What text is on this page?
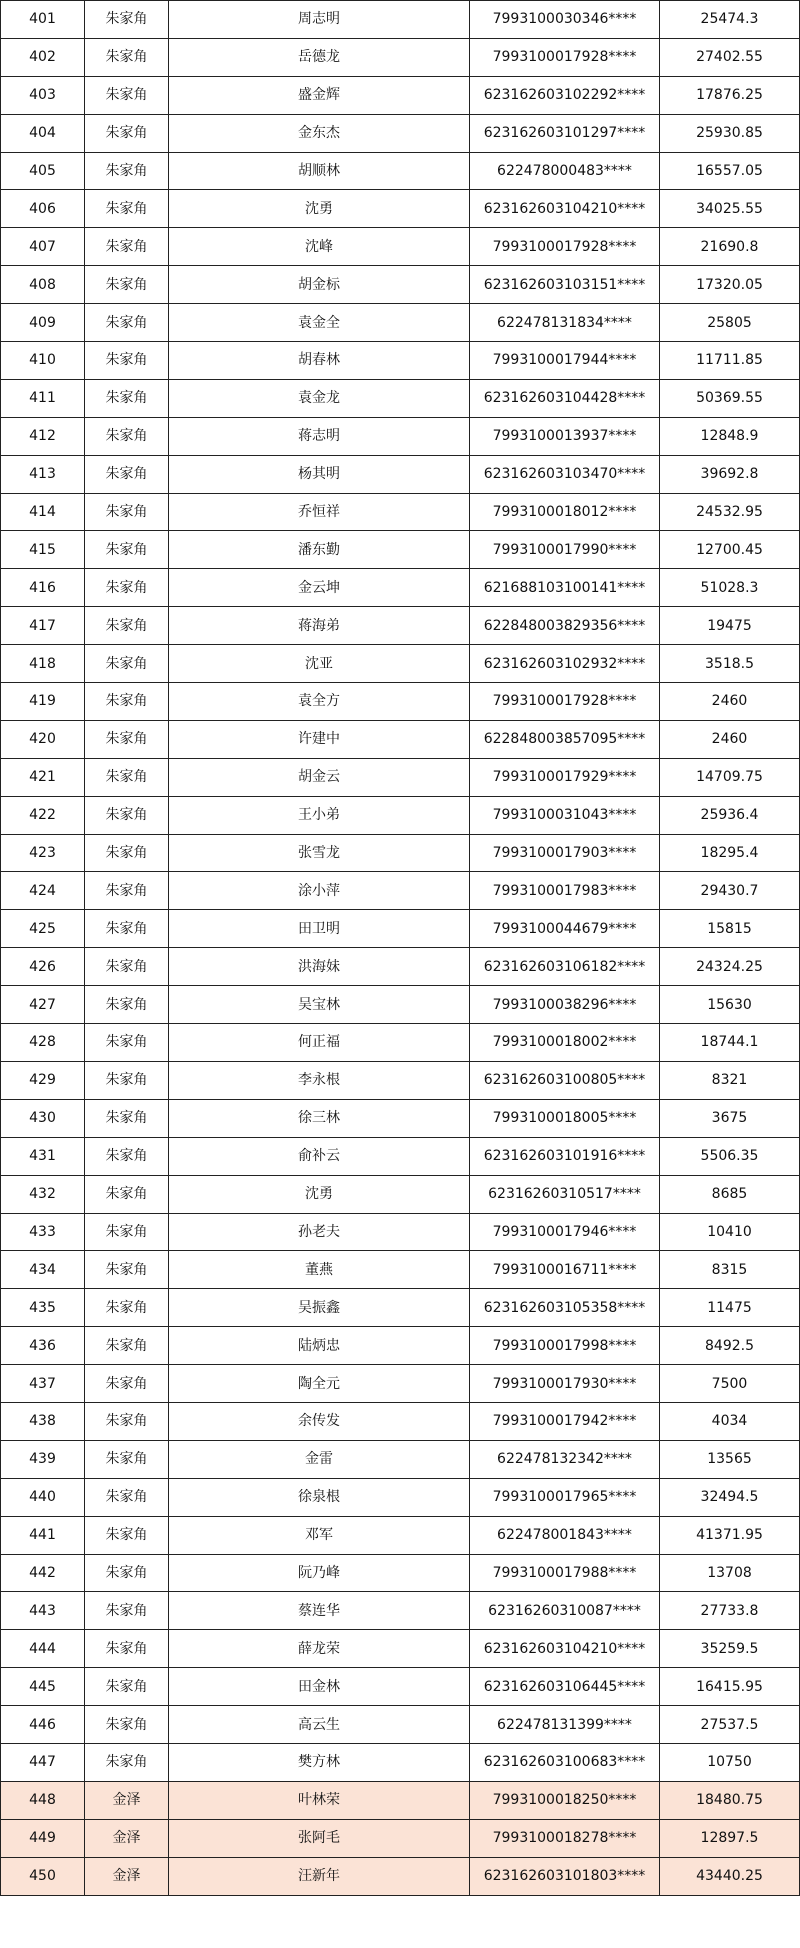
401	朱家角	周志明	7993100030346****	25474.3
402	朱家角	岳德龙	7993100017928****	27402.55
403	朱家角	盛金辉	623162603102292****	17876.25
404	朱家角	金东杰	623162603101297****	25930.85
405	朱家角	胡顺林	622478000483****	16557.05
406	朱家角	沈勇	623162603104210****	34025.55
407	朱家角	沈峰	7993100017928****	21690.8
408	朱家角	胡金标	623162603103151****	17320.05
409	朱家角	袁金全	622478131834****	25805
410	朱家角	胡春林	7993100017944****	11711.85
411	朱家角	袁金龙	623162603104428****	50369.55
412	朱家角	蒋志明	7993100013937****	12848.9
413	朱家角	杨其明	623162603103470****	39692.8
414	朱家角	乔恒祥	7993100018012****	24532.95
415	朱家角	潘东勤	7993100017990****	12700.45
416	朱家角	金云坤	621688103100141****	51028.3
417	朱家角	蒋海弟	622848003829356****	19475
418	朱家角	沈亚	623162603102932****	3518.5
419	朱家角	袁全方	7993100017928****	2460
420	朱家角	许建中	622848003857095****	2460
421	朱家角	胡金云	7993100017929****	14709.75
422	朱家角	王小弟	7993100031043****	25936.4
423	朱家角	张雪龙	7993100017903****	18295.4
424	朱家角	涂小萍	7993100017983****	29430.7
425	朱家角	田卫明	7993100044679****	15815
426	朱家角	洪海妹	623162603106182****	24324.25
427	朱家角	吴宝林	7993100038296****	15630
428	朱家角	何正福	7993100018002****	18744.1
429	朱家角	李永根	623162603100805****	8321
430	朱家角	徐三林	7993100018005****	3675
431	朱家角	俞补云	623162603101916****	5506.35
432	朱家角	沈勇	62316260310517****	8685
433	朱家角	孙老夫	7993100017946****	10410
434	朱家角	董燕	7993100016711****	8315
435	朱家角	吴振鑫	623162603105358****	11475
436	朱家角	陆炳忠	7993100017998****	8492.5
437	朱家角	陶全元	7993100017930****	7500
438	朱家角	余传发	7993100017942****	4034
439	朱家角	金雷	622478132342****	13565
440	朱家角	徐泉根	7993100017965****	32494.5
441	朱家角	邓军	622478001843****	41371.95
442	朱家角	阮乃峰	7993100017988****	13708
443	朱家角	蔡连华	62316260310087****	27733.8
444	朱家角	薛龙荣	623162603104210****	35259.5
445	朱家角	田金林	623162603106445****	16415.95
446	朱家角	高云生	622478131399****	27537.5
447	朱家角	樊方林	623162603100683****	10750
448	金泽	叶林荣	7993100018250****	18480.75
449	金泽	张阿毛	7993100018278****	12897.5
450	金泽	汪新年	623162603101803****	43440.25
